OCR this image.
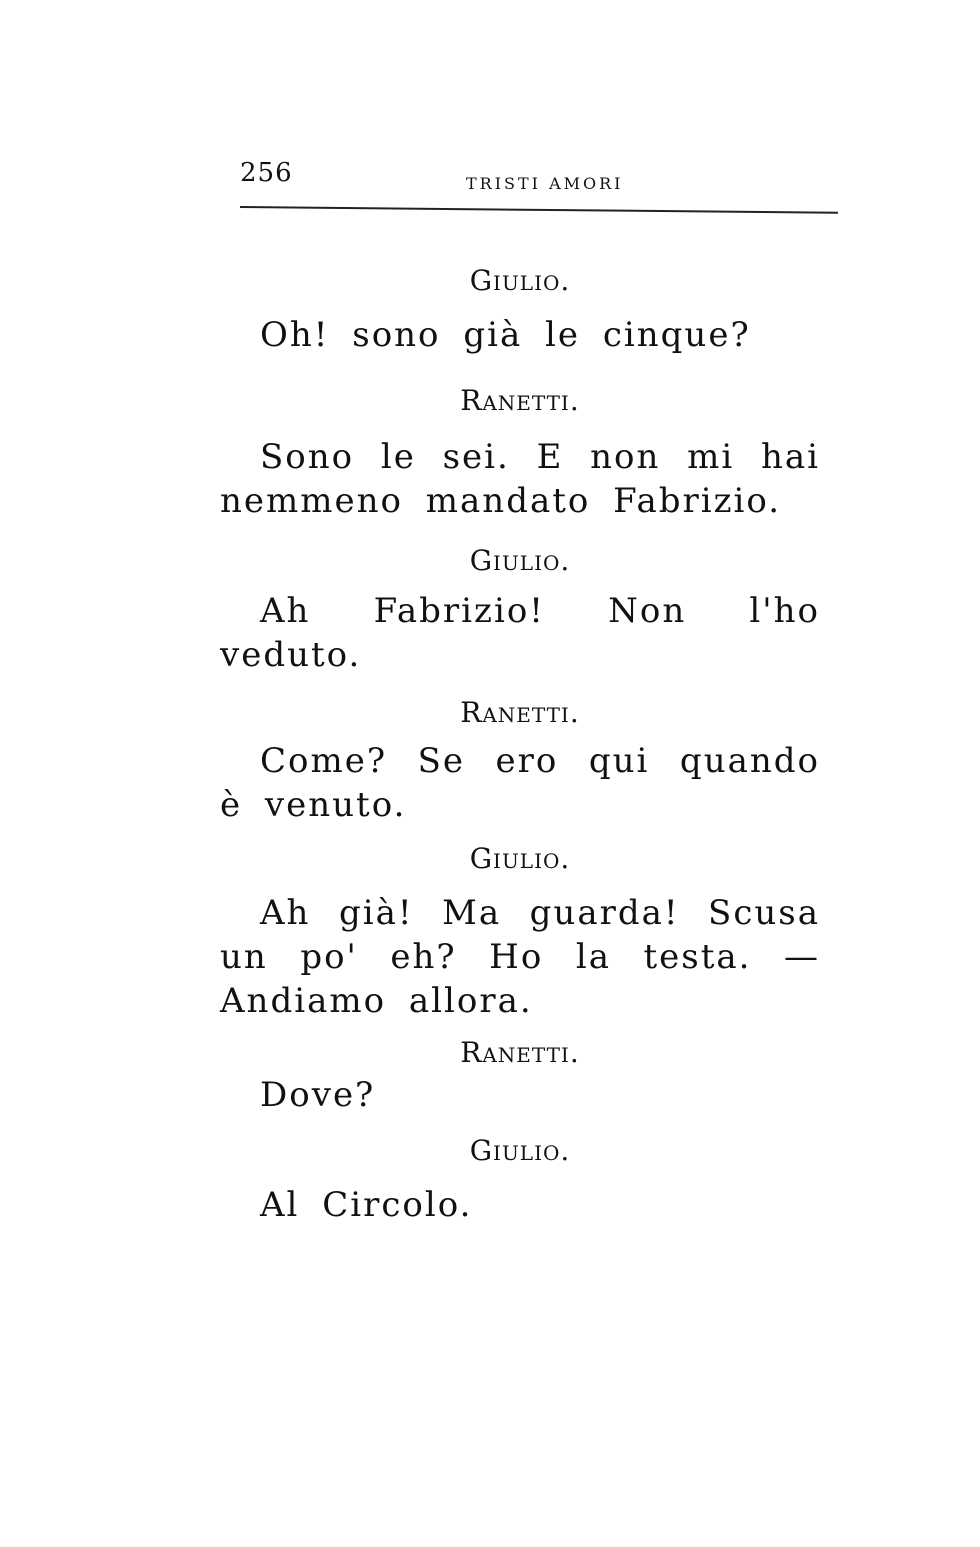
256	TRISTI AMORI

Giulio.

Oh! sono già le cinque?

Ranetti.

Sono le sei. E non mi hai nemmeno mandato Fabrizio.

Giulio.

Ah Fabrizio! Non l'ho veduto.

Ranetti.

Come? Se ero qui quando è venuto.

Giulio.

Ah già! Ma guarda! Scusa un po' eh? Ho la testa. — Andiamo allora.

Ranetti.

Dove?

Giulio.

Al Circolo.
